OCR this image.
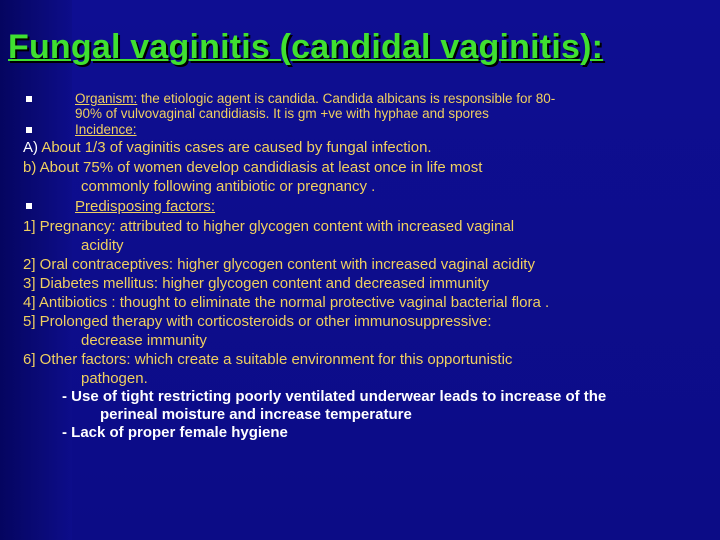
Fungal vaginitis (candidal vaginitis):
Organism: the etiologic agent is candida. Candida albicans is responsible for 80-
90% of vulvovaginal candidiasis. It is gm +ve with hyphae and spores
Incidence:
A) About 1/3 of vaginitis cases are caused by fungal infection.
b) About 75% of women develop candidiasis at least once in life most
commonly following antibiotic or pregnancy .
Predisposing factors:
1] Pregnancy: attributed to higher glycogen content with increased vaginal
acidity
2] Oral contraceptives: higher glycogen content with increased vaginal acidity
3] Diabetes mellitus: higher glycogen content and decreased immunity
4] Antibiotics : thought to eliminate the normal protective vaginal bacterial flora .
5] Prolonged therapy with corticosteroids or other immunosuppressive:
decrease immunity
6] Other factors: which create a suitable environment for this opportunistic
pathogen.
- Use of tight restricting poorly ventilated underwear leads to increase of the
perineal moisture and increase temperature
- Lack of proper female hygiene
